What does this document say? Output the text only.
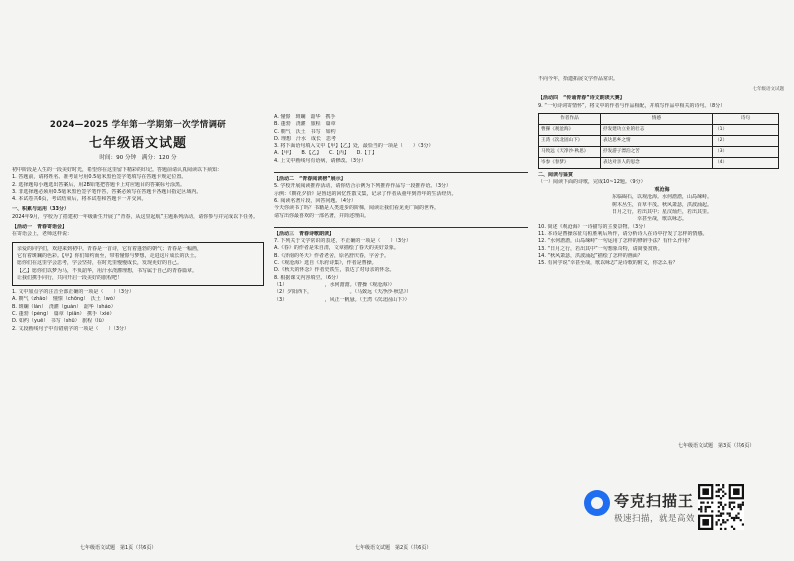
七年级语文试题
2024—2025 学年第一学期第一次学情调研
七年级语文试题
时间：90 分钟　满分：120 分
初中阶段是人生的一段美好时光，希望你在这里留下精彩的印记。答题前请认真阅读以下须知：
1. 答题前，请将姓名、准考证号用0.5毫米黑色签字笔填写在答题卡规定位置。
2. 选择题每小题选出答案后，用2B铅笔把答题卡上对应题目的答案标号涂黑。
3. 非选择题必须用0.5毫米黑色签字笔作答，答案必须写在答题卡各题目指定区域内。
4. 本试卷共6页，考试结束后，将本试卷和答题卡一并交回。
一、积累与运用（33分）
2024年9月，学校为了搭建初一年级新生开展了“青春，从这里起航”主题系列活动，请你参与并完成以下任务。
【活动一　青春寄语会】
在寄语会上，老师这样说：
亲爱的同学们，欢迎来到初中。青春是一首诗，它有着蓬勃的朝气；青春是一幅画，
它有着斑斓的色彩。【甲】你们如约而至，带着憧憬与梦想，走进这片成长的沃土。
愿你们在这里学会思考，学会坚持，在时光里慢慢成长，发现更好的自己。
【乙】愿你们以梦为马，不负韶华，用汗水浇灌理想，书写属于自己的青春篇章。
让我们携手同行，共同开启一段美好的旅程吧！
1. 文中加点字的注音全部正确的一项是（　　）（3分）
A. 朝气（zhāo）　憧憬（chōng）　沃土（wò）
B. 斑斓（lán）　浇灌（guàn）　韶华（sháo）
C. 蓬勃（péng）　篇章（piān）　携手（xié）
D. 如约（yuē）　书写（shū）　旅程（lǚ）
2. 文段画线句子中有错别字的一项是（　　）（3分）
七年级语文试题　第1页（共6页）
A. 憧憬　斑斓　韶华　携手
B. 蓬勃　浇灌　旅程　篇章
C. 朝气　沃土　书写　如约
D. 理想　汗水　成长　思考
3. 将下面语句填入文中【甲】【乙】处，最恰当的一项是（　　）（3分）
A.【甲】　　B.【乙】　　C.【丙】　　D.【丁】
4. 上文中画线句有语病，请修改。（3分）
【活动二　“青春阅读榜”展示】
5. 学校开展阅读推荐活动，请你结合示例为下列推荐作品写一段推荐语。（3分）
示例：《朝花夕拾》是鲁迅的回忆性散文集，记录了作者从童年到青年的生活经历。
6. 阅读名著片段，回答问题。（4分）
今天你读书了吗？书籍是人类进步的阶梯，阅读让我们看见更广阔的世界。
请写出你最喜欢的一部名著，并简述理由。
【活动三　青春诗歌朗读】
7. 下列关于文学常识的表述，不正确的一项是（　　）（3分）
A.《春》的作者是朱自清，文章描绘了春天的美好景象。
B.《济南的冬天》作者老舍，原名舒庆春，字舍予。
C.《观沧海》选自《乐府诗集》，作者是曹操。
D.《秋天的怀念》作者史铁生，表达了对母亲的怀念。
8. 根据课文内容填空。（6分）
（1）　　　　　　　　，水何澹澹。（曹操《观沧海》）
（2）夕阳西下，　　　　　　　　。（马致远《天净沙·秋思》）
（3）　　　　　　　　，风正一帆悬。（王湾《次北固山下》）
七年级语文试题　第2页（共6页）
不向今年，拾遗拓展文学作品常识。
【活动四　“传诵青春”诗文朗读大赛】
9. “一句诗词寄情怀”，将文中的作者与作品相配，并填写作品中相关的诗句。（8分）
作者作品	情感	诗句
曹操《观沧海》	抒发建功立业的壮志	（1）
王湾《次北固山下》	表达思乡之情	（2）
马致远《天净沙·秋思》	抒发游子漂泊之苦	（3）
岑参《春梦》	表达对亲人的思念	（4）
二、阅读与鉴赏
（一）阅读下面的诗歌，完成10~12题。（9分）
观沧海
东临碣石，以观沧海。水何澹澹，山岛竦峙。
树木丛生，百草丰茂。秋风萧瑟，洪波涌起。
日月之行，若出其中；星汉灿烂，若出其里。
幸甚至哉，歌以咏志。
10. 简述《观沧海》一诗描写的主要景物。（3分）
11. 本诗是曹操东征乌桓胜利后所作，请分析诗人在诗中抒发了怎样的情感。
12. “水何澹澹，山岛竦峙”一句运用了怎样的修辞手法？有什么作用？
13. “日月之行，若出其中”一句想象奇特，请简要赏析。
14. “秋风萧瑟，洪波涌起”描绘了怎样的画面？
15. 有同学说“幸甚至哉，歌以咏志”是诗歌的附文，你怎么看？
七年级语文试题　第3页（共6页）
夸克扫描王
极速扫描，就是高效
